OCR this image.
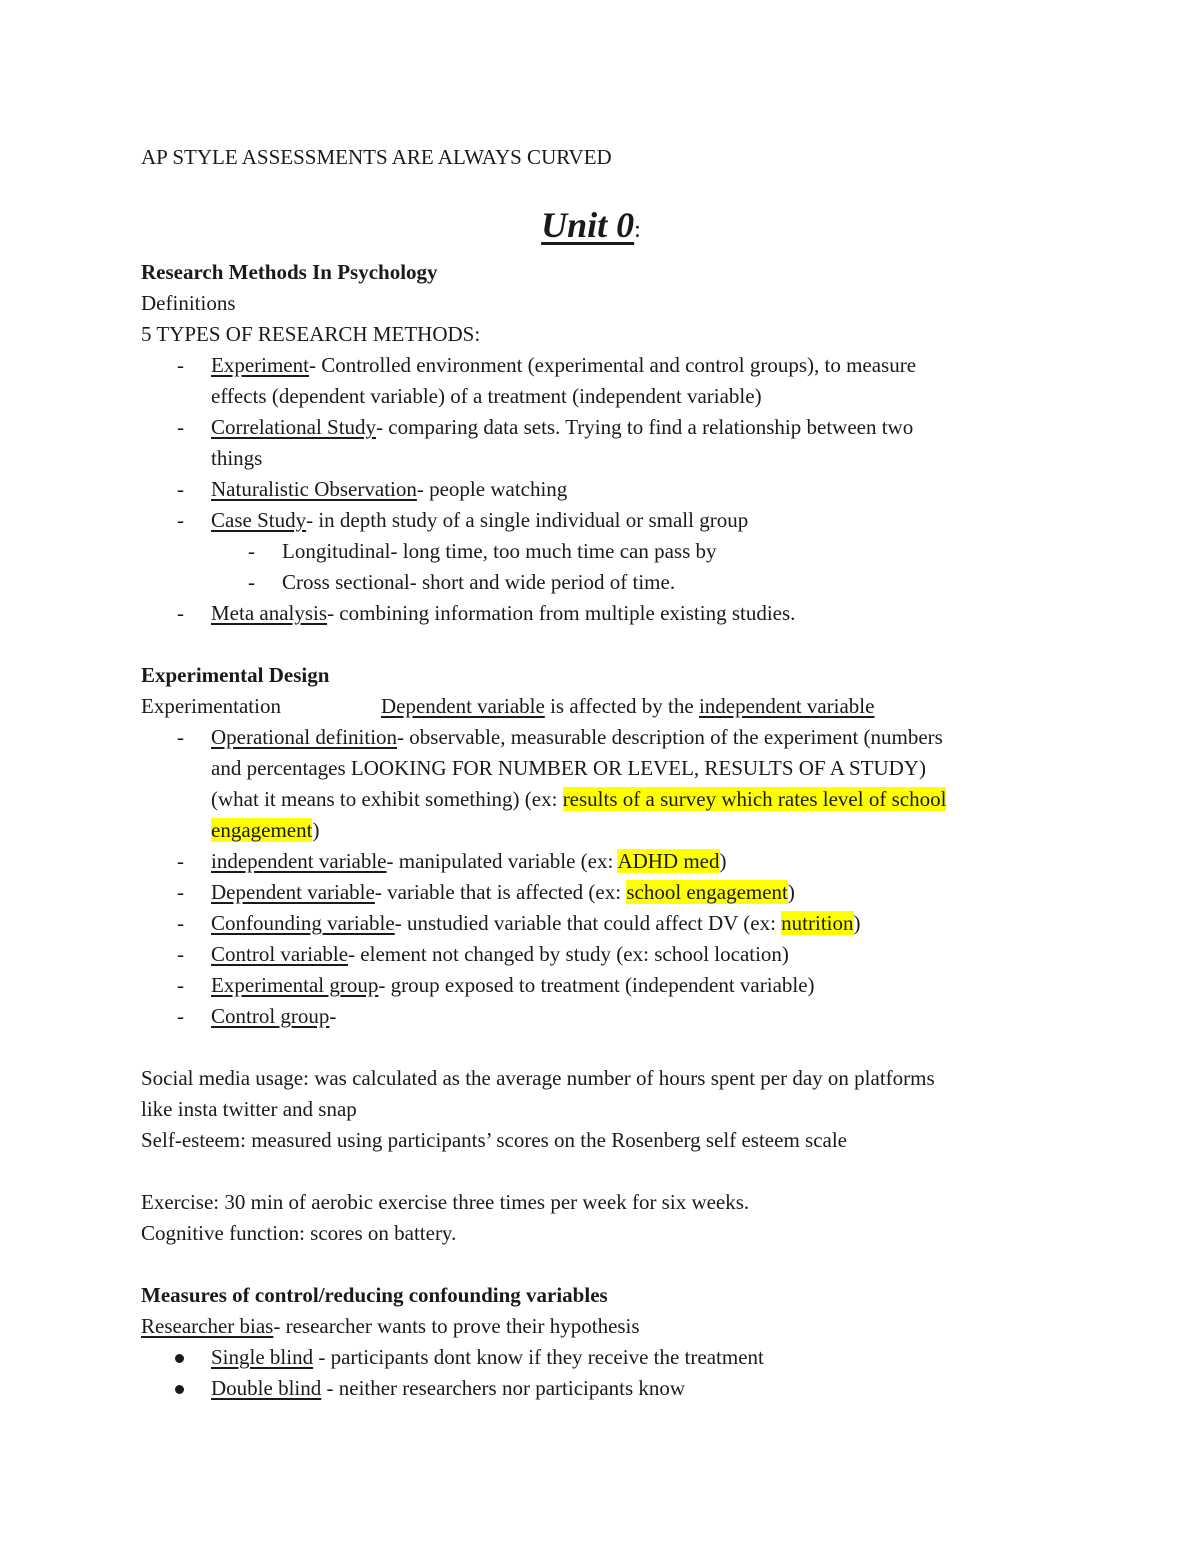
AP STYLE ASSESSMENTS ARE ALWAYS CURVED
Unit 0:
Research Methods In Psychology
Definitions
5 TYPES OF RESEARCH METHODS:
- Experiment- Controlled environment (experimental and control groups), to measure
effects (dependent variable) of a treatment (independent variable)
- Correlational Study- comparing data sets. Trying to find a relationship between two
things
- Naturalistic Observation- people watching
- Case Study- in depth study of a single individual or small group
- Longitudinal- long time, too much time can pass by
- Cross sectional- short and wide period of time.
- Meta analysis- combining information from multiple existing studies.
Experimental Design
Experimentation	Dependent variable is affected by the independent variable
- Operational definition- observable, measurable description of the experiment (numbers
and percentages LOOKING FOR NUMBER OR LEVEL, RESULTS OF A STUDY)
(what it means to exhibit something) (ex: results of a survey which rates level of school
engagement)
- independent variable- manipulated variable (ex: ADHD med)
- Dependent variable- variable that is affected (ex: school engagement)
- Confounding variable- unstudied variable that could affect DV (ex: nutrition)
- Control variable- element not changed by study (ex: school location)
- Experimental group- group exposed to treatment (independent variable)
- Control group-
Social media usage: was calculated as the average number of hours spent per day on platforms
like insta twitter and snap
Self-esteem: measured using participants’ scores on the Rosenberg self esteem scale
Exercise: 30 min of aerobic exercise three times per week for six weeks.
Cognitive function: scores on battery.
Measures of control/reducing confounding variables
Researcher bias- researcher wants to prove their hypothesis
Single blind - participants dont know if they receive the treatment
Double blind - neither researchers nor participants know
